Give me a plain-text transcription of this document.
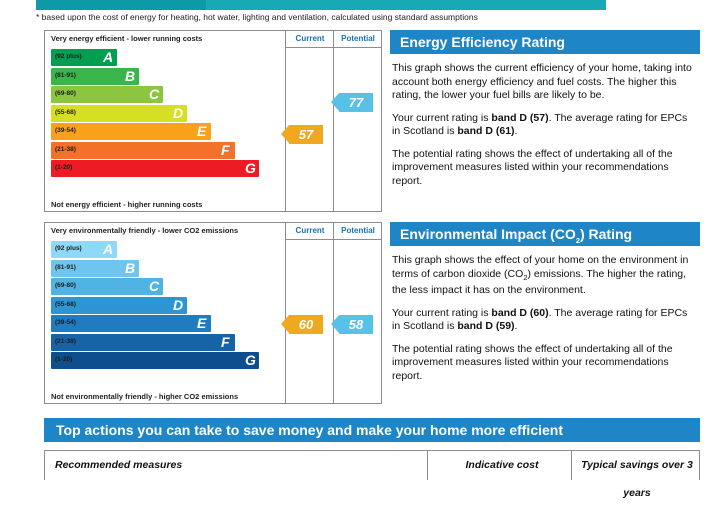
* based upon the cost of energy for heating, hot water, lighting and ventilation, calculated using standard assumptions
Very energy efficient - lower running costs
Not energy efficient - higher running costs
Current	Potential
(92 plus) A
(81-91)	B
(69-80)	C
(55-68)	D
(39-54)	E
(21-38)	F
(1-20)	G
57
77
Very environmentally friendly - lower CO2 emissions
Not environmentally friendly - higher CO2 emissions
Current	Potential
(92 plus) A
(81-91)	B
(69-80)	C
(55-68)	D
(39-54)	E
(21-38)	F
(1-20)	G
60	58
Energy Efficiency Rating

This graph shows the current efficiency of your home, taking into account both energy efficiency and fuel costs. The higher this rating, the lower your fuel bills are likely to be.

Your current rating is band D (57). The average rating for EPCs in Scotland is band D (61).

The potential rating shows the effect of undertaking all of the improvement measures listed within your recommendations report.

Environmental Impact $(CO_2)$ Rating

This graph shows the effect of your home on the environment in terms of carbon dioxide $(CO_2)$ emissions. The higher the rating, the less impact it has on the environment.

Your current rating is band D (60). The average rating for EPCs in Scotland is band D (59).

The potential rating shows the effect of undertaking all of the improvement measures listed within your recommendations report.

Top actions you can take to save money and make your home more efficient
Recommended measures	Indicative cost	Typical savings over 3 years
